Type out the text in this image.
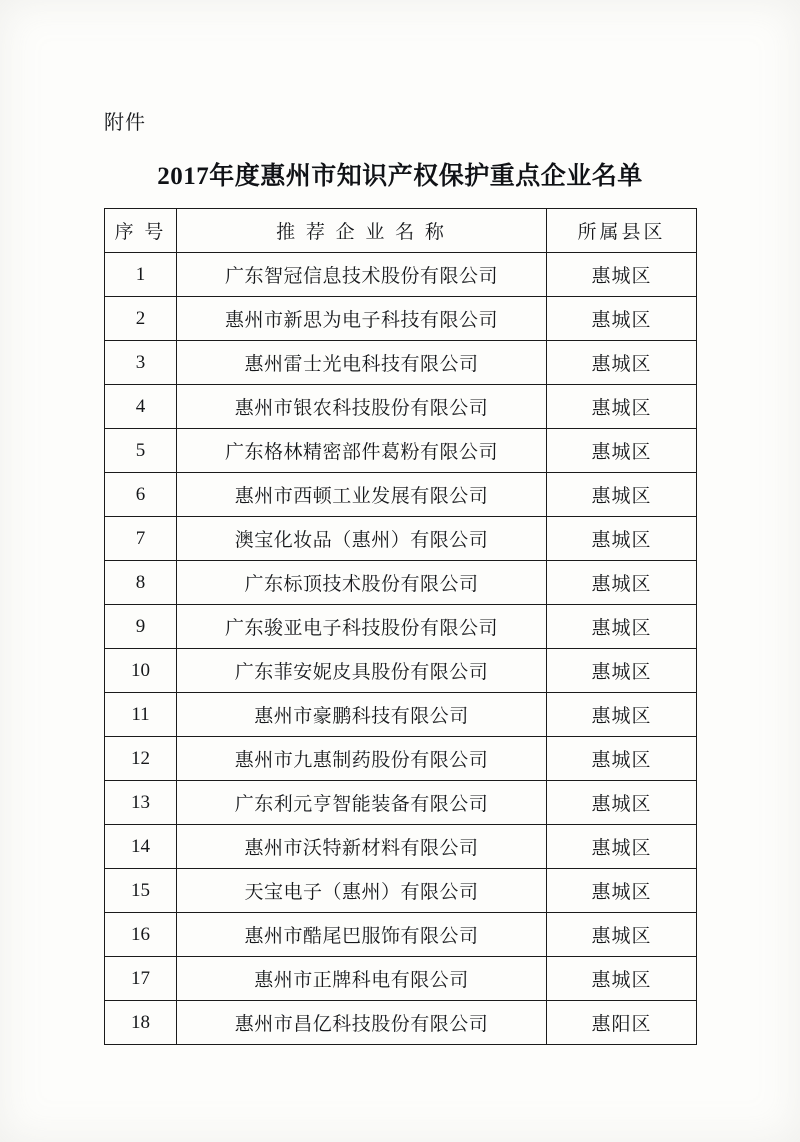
附件
2017年度惠州市知识产权保护重点企业名单
序 号	推 荐 企 业 名 称	所属县区
1	广东智冠信息技术股份有限公司	惠城区
2	惠州市新思为电子科技有限公司	惠城区
3	惠州雷士光电科技有限公司	惠城区
4	惠州市银农科技股份有限公司	惠城区
5	广东格林精密部件葛粉有限公司	惠城区
6	惠州市西顿工业发展有限公司	惠城区
7	澳宝化妆品（惠州）有限公司	惠城区
8	广东标顶技术股份有限公司	惠城区
9	广东骏亚电子科技股份有限公司	惠城区
10	广东菲安妮皮具股份有限公司	惠城区
11	惠州市豪鹏科技有限公司	惠城区
12	惠州市九惠制药股份有限公司	惠城区
13	广东利元亨智能装备有限公司	惠城区
14	惠州市沃特新材料有限公司	惠城区
15	天宝电子（惠州）有限公司	惠城区
16	惠州市酷尾巴服饰有限公司	惠城区
17	惠州市正牌科电有限公司	惠城区
18	惠州市昌亿科技股份有限公司	惠阳区
